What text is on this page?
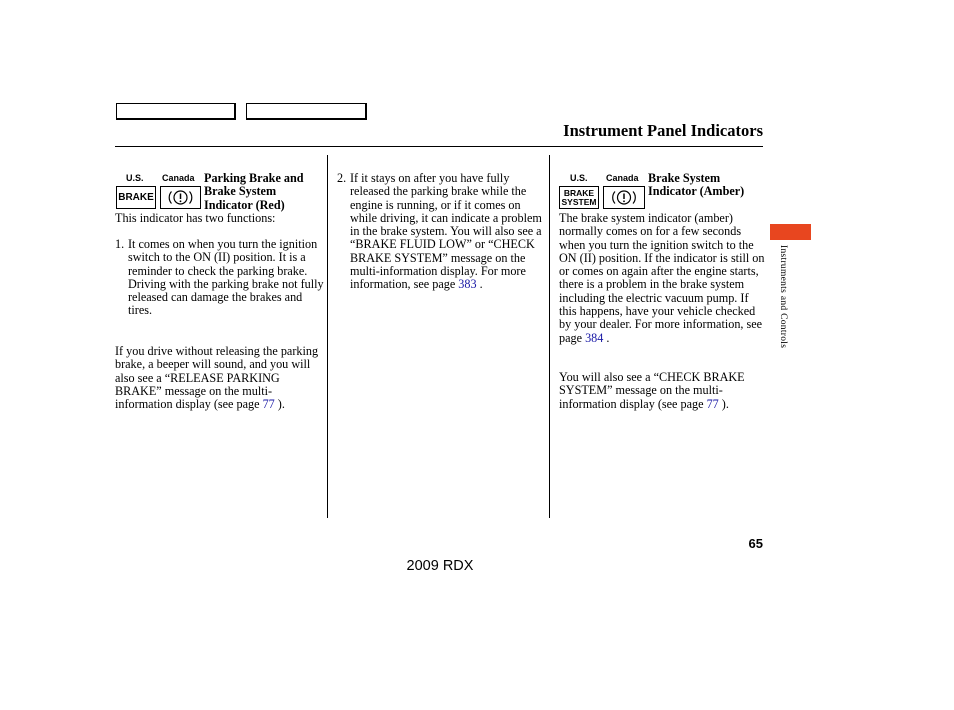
Instrument Panel Indicators
U.S. Canada
BRAKE
Parking Brake and Brake System Indicator (Red)
This indicator has two functions:
1. It comes on when you turn the ignition switch to the ON (II) position. It is a reminder to check the parking brake. Driving with the parking brake not fully released can damage the brakes and tires.
If you drive without releasing the parking brake, a beeper will sound, and you will also see a “RELEASE PARKING BRAKE” message on the multi-information display (see page 77 ).
2. If it stays on after you have fully released the parking brake while the engine is running, or if it comes on while driving, it can indicate a problem in the brake system. You will also see a “BRAKE FLUID LOW” or “CHECK BRAKE SYSTEM” message on the multi-information display. For more information, see page 383 .
U.S. Canada
BRAKE
SYSTEM
Brake System Indicator (Amber)
The brake system indicator (amber) normally comes on for a few seconds when you turn the ignition switch to the ON (II) position. If the indicator is still on or comes on again after the engine starts, there is a problem in the brake system including the electric vacuum pump. If this happens, have your vehicle checked by your dealer. For more information, see page 384 .
You will also see a “CHECK BRAKE SYSTEM” message on the multi-information display (see page 77 ).
Instruments and Controls
65
2009 RDX
